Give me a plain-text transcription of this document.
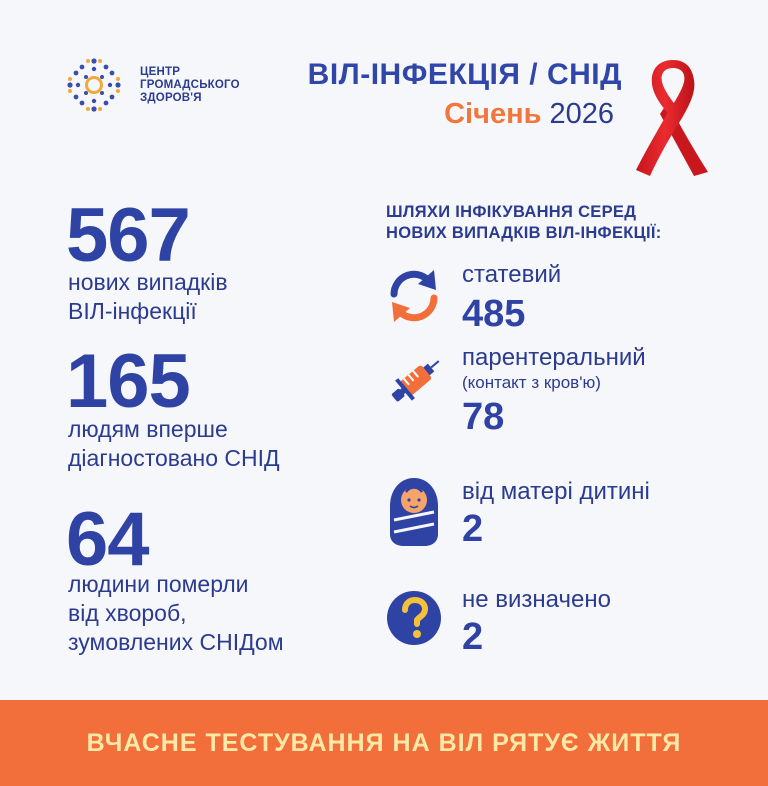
ЦЕНТР
ГРОМАДСЬКОГО
ЗДОРОВ'Я
ВІЛ-ІНФЕКЦІЯ / СНІД
Січень 2026
567
нових випадків
ВІЛ-інфекції
165
людям вперше
діагностовано СНІД
64
людини померли
від хвороб,
зумовлених СНІДом
ШЛЯХИ ІНФІКУВАННЯ СЕРЕД
НОВИХ ВИПАДКІВ ВІЛ-ІНФЕКЦІЇ:
статевий
485
парентеральний
(контакт з кров'ю)
78
від матері дитині
2
не визначено
2
ВЧАСНЕ ТЕСТУВАННЯ НА ВІЛ РЯТУЄ ЖИТТЯ
